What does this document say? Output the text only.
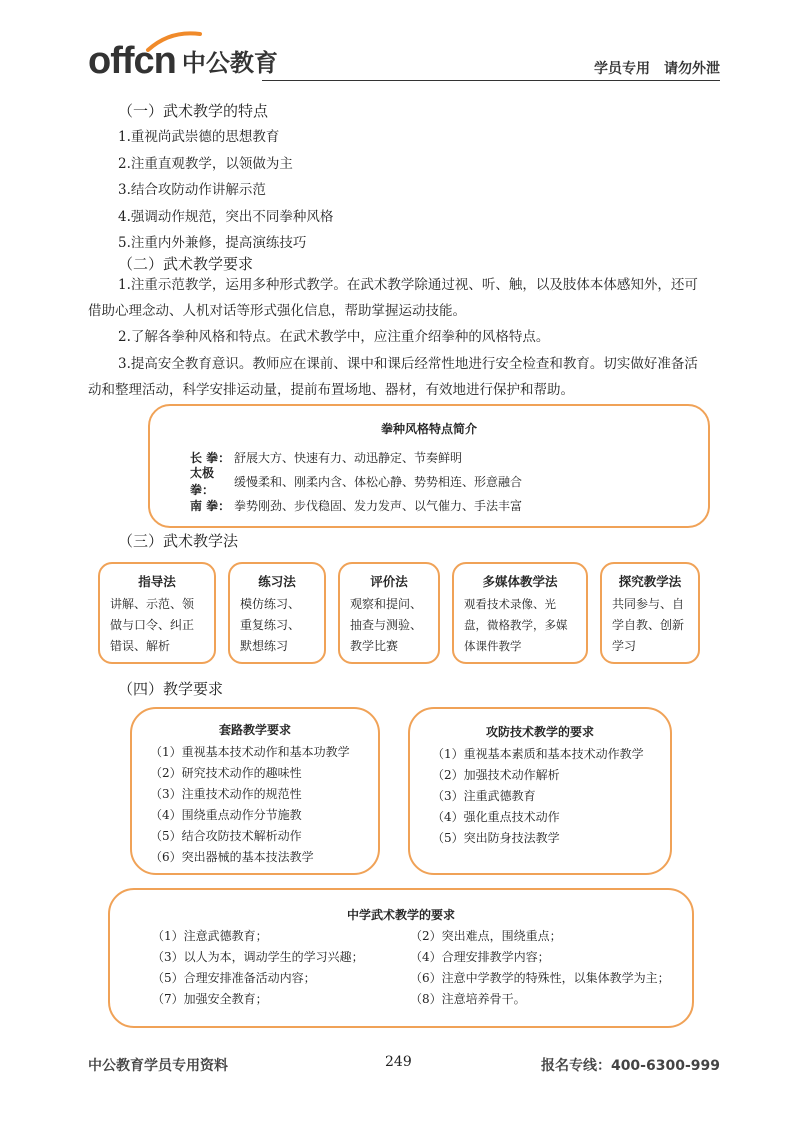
offcn 中公教育	学员专用 请勿外泄
（一）武术教学的特点
1.重视尚武崇德的思想教育
2.注重直观教学，以领做为主
3.结合攻防动作讲解示范
4.强调动作规范，突出不同拳种风格
5.注重内外兼修，提高演练技巧
（二）武术教学要求
1.注重示范教学，运用多种形式教学。在武术教学除通过视、听、触，以及肢体本体感知外，还可
借助心理念动、人机对话等形式强化信息，帮助掌握运动技能。
2.了解各拳种风格和特点。在武术教学中，应注重介绍拳种的风格特点。
3.提高安全教育意识。教师应在课前、课中和课后经常性地进行安全检查和教育。切实做好准备活
动和整理活动，科学安排运动量，提前布置场地、器材，有效地进行保护和帮助。
拳种风格特点简介
长 拳： 舒展大方、快速有力、动迅静定、节奏鲜明
太极拳：
缓慢柔和、刚柔内含、体松心静、势势相连、形意融合
南 拳： 拳势刚劲、步伐稳固、发力发声、以气催力、手法丰富
（三）武术教学法
指导法
讲解、示范、领
做与口令、纠正
错误、解析
练习法
模仿练习、
重复练习、
默想练习
评价法
观察和提问、
抽查与测验、
教学比赛
多媒体教学法
观看技术录像、光
盘，微格教学，多媒
体课件教学
探究教学法
共同参与、自
学自教、创新
学习
（四）教学要求
套路教学要求
（1）重视基本技术动作和基本功教学
（2）研究技术动作的趣味性
（3）注重技术动作的规范性
（4）围绕重点动作分节施教
（5）结合攻防技术解析动作
（6）突出器械的基本技法教学
攻防技术教学的要求
（1）重视基本素质和基本技术动作教学
（2）加强技术动作解析
（3）注重武德教育
（4）强化重点技术动作
（5）突出防身技法教学
中学武术教学的要求
（1）注意武德教育；
（3）以人为本，调动学生的学习兴趣；
（5）合理安排准备活动内容；
（7）加强安全教育；
（2）突出难点，围绕重点；
（4）合理安排教学内容；
（6）注意中学教学的特殊性，以集体教学为主；
（8）注意培养骨干。
中公教育学员专用资料	249	报名专线：400-6300-999
